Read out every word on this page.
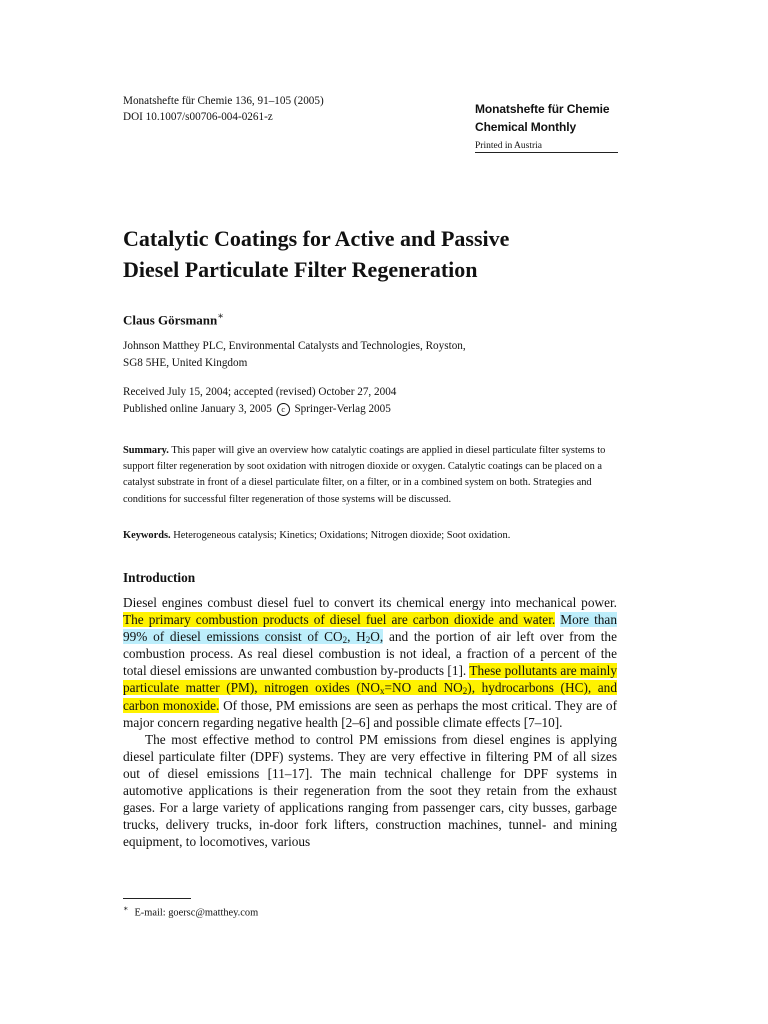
Monatshefte für Chemie 136, 91–105 (2005)
DOI 10.1007/s00706-004-0261-z
Monatshefte für Chemie
Chemical Monthly
Printed in Austria
Catalytic Coatings for Active and Passive
Diesel Particulate Filter Regeneration
Claus Görsmann∗
Johnson Matthey PLC, Environmental Catalysts and Technologies, Royston,
SG8 5HE, United Kingdom
Received July 15, 2004; accepted (revised) October 27, 2004
Published online January 3, 2005 c Springer-Verlag 2005
Summary. This paper will give an overview how catalytic coatings are applied in diesel particulate filter systems to support filter regeneration by soot oxidation with nitrogen dioxide or oxygen. Catalytic coatings can be placed on a catalyst substrate in front of a diesel particulate filter, on a filter, or in a combined system on both. Strategies and conditions for successful filter regeneration of those systems will be discussed.
Keywords. Heterogeneous catalysis; Kinetics; Oxidations; Nitrogen dioxide; Soot oxidation.
Introduction

Diesel engines combust diesel fuel to convert its chemical energy into mechanical power. The primary combustion products of diesel fuel are carbon dioxide and water. More than 99% of diesel emissions consist of $CO_2$, $H_2O$, and the portion of air left over from the combustion process. As real diesel combustion is not ideal, a fraction of a percent of the total diesel emissions are unwanted combustion by-products [1]. These pollutants are mainly particulate matter (PM), nitrogen oxides ($NO_x=NO$ and $NO_2$), hydrocarbons (HC), and carbon monoxide. Of those, PM emissions are seen as perhaps the most critical. They are of major concern regarding negative health [2–6] and possible climate effects [7–10].

The most effective method to control PM emissions from diesel engines is applying diesel particulate filter (DPF) systems. They are very effective in filtering PM of all sizes out of diesel emissions [11–17]. The main technical challenge for DPF systems in automotive applications is their regeneration from the soot they retain from the exhaust gases. For a large variety of applications ranging from passenger cars, city busses, garbage trucks, delivery trucks, in-door fork lifters, construction machines, tunnel- and mining equipment, to locomotives, various

∗ E-mail: goersc@matthey.com
